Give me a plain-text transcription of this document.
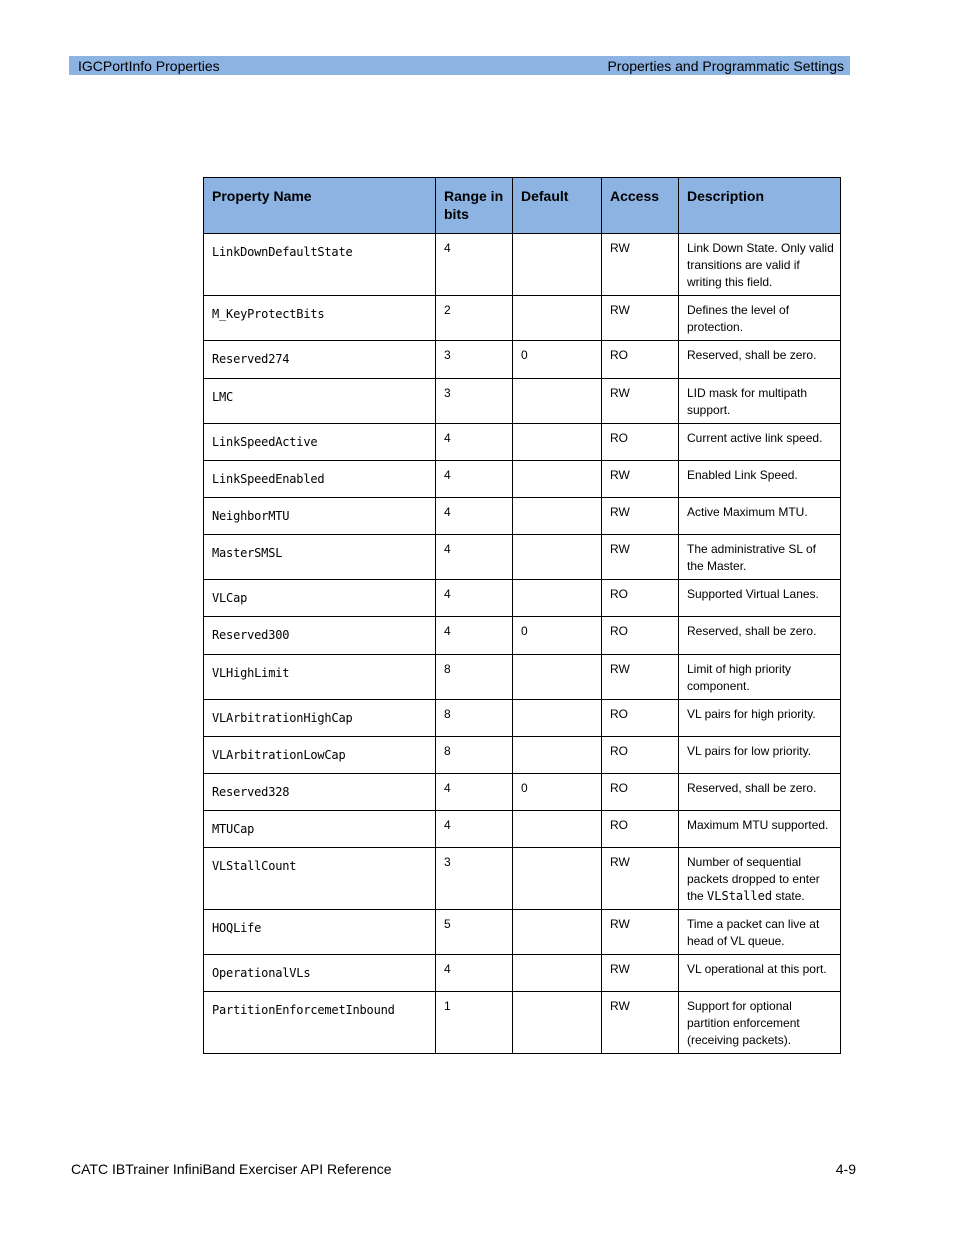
IGCPortInfo Properties	Properties and Programmatic Settings
Property Name	Range in bits	Default	Access	Description
LinkDownDefaultState	4		RW	Link Down State. Only valid transitions are valid if writing this field.
M_KeyProtectBits	2		RW	Defines the level of protection.
Reserved274	3	0	RO	Reserved, shall be zero.
LMC	3		RW	LID mask for multipath support.
LinkSpeedActive	4		RO	Current active link speed.
LinkSpeedEnabled	4		RW	Enabled Link Speed.
NeighborMTU	4		RW	Active Maximum MTU.
MasterSMSL	4		RW	The administrative SL of the Master.
VLCap	4		RO	Supported Virtual Lanes.
Reserved300	4	0	RO	Reserved, shall be zero.
VLHighLimit	8		RW	Limit of high priority component.
VLArbitrationHighCap	8		RO	VL pairs for high priority.
VLArbitrationLowCap	8		RO	VL pairs for low priority.
Reserved328	4	0	RO	Reserved, shall be zero.
MTUCap	4		RO	Maximum MTU supported.
VLStallCount	3		RW	Number of sequential packets dropped to enter the VLStalled state.
HOQLife	5		RW	Time a packet can live at head of VL queue.
OperationalVLs	4		RW	VL operational at this port.
PartitionEnforcemetInbound	1		RW	Support for optional partition enforcement (receiving packets).
CATC IBTrainer InfiniBand Exerciser API Reference	4-9
